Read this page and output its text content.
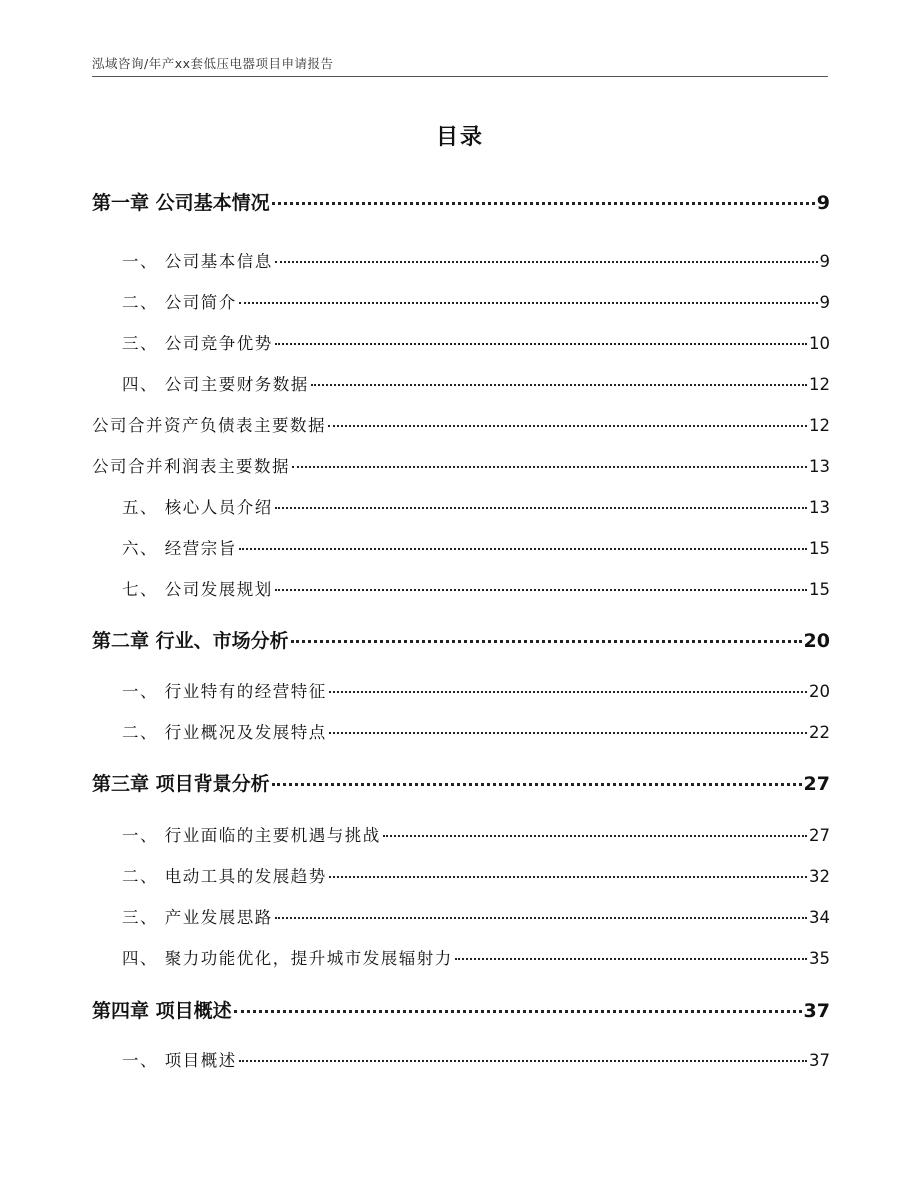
泓域咨询/年产xx套低压电器项目申请报告
目录
第一章 公司基本情况	9
一、 公司基本信息	9
二、 公司简介	9
三、 公司竞争优势	10
四、 公司主要财务数据	12
公司合并资产负债表主要数据	12
公司合并利润表主要数据	13
五、 核心人员介绍	13
六、 经营宗旨	15
七、 公司发展规划	15
第二章 行业、市场分析	20
一、 行业特有的经营特征	20
二、 行业概况及发展特点	22
第三章 项目背景分析	27
一、 行业面临的主要机遇与挑战	27
二、 电动工具的发展趋势	32
三、 产业发展思路	34
四、 聚力功能优化，提升城市发展辐射力	35
第四章 项目概述	37
一、 项目概述	37
